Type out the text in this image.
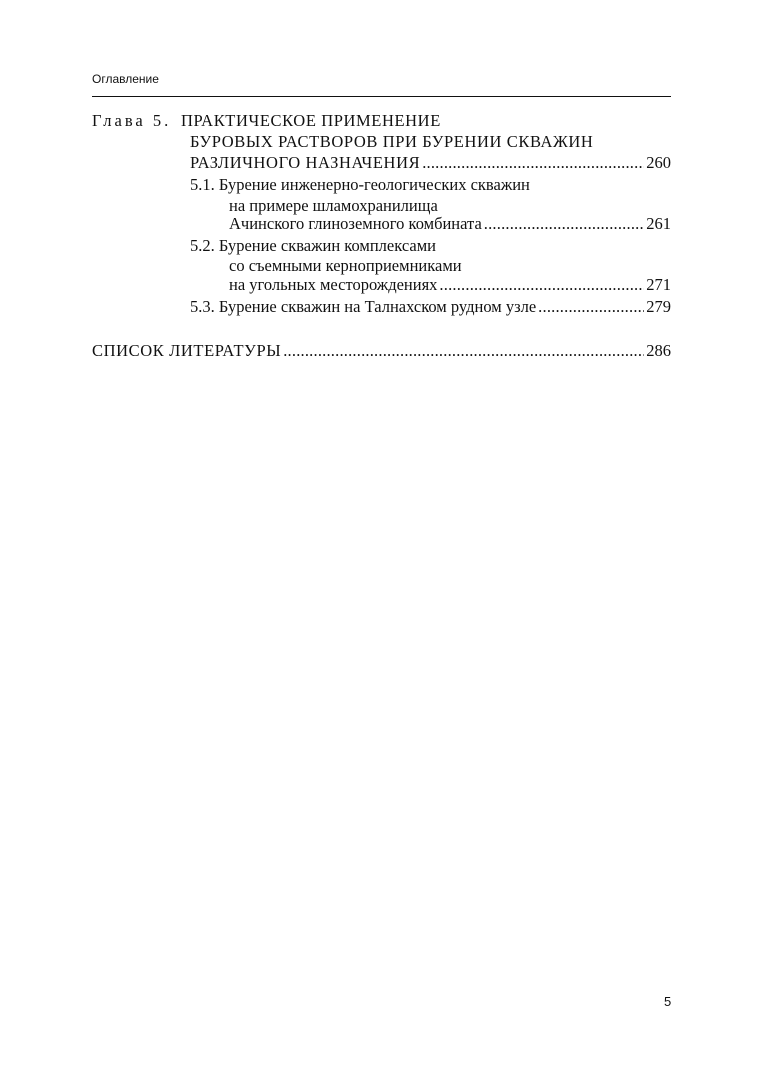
Оглавление
Глава 5. ПРАКТИЧЕСКОЕ ПРИМЕНЕНИЕ
БУРОВЫХ РАСТВОРОВ ПРИ БУРЕНИИ СКВАЖИН
РАЗЛИЧНОГО НАЗНАЧЕНИЯ .....	260
5.1. Бурение инженерно-геологических скважин
на примере шламохранилища
Ачинского глиноземного комбината .....	261
5.2. Бурение скважин комплексами
со съемными керноприемниками
на угольных месторождениях .....	271
5.3. Бурение скважин на Талнахском рудном узле .....	279
СПИСОК ЛИТЕРАТУРЫ .....	286
5
